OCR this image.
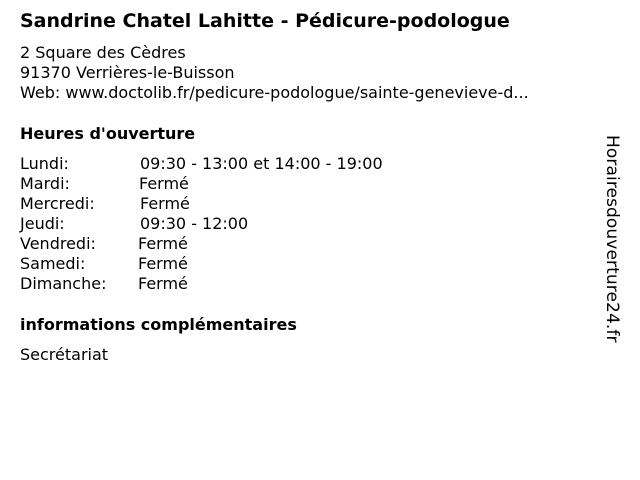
Sandrine Chatel Lahitte - Pédicure-podologue
2 Square des Cèdres
91370 Verrières-le-Buisson
Web: www.doctolib.fr/pedicure-podologue/sainte-genevieve-d...
Heures d'ouverture
Lundi:	09:30 - 13:00 et 14:00 - 19:00
Mardi:	Fermé
Mercredi:	Fermé
Jeudi:	09:30 - 12:00
Vendredi:	Fermé
Samedi:	Fermé
Dimanche: Fermé
informations complémentaires
Secrétariat
Horairesdouverture24.fr
